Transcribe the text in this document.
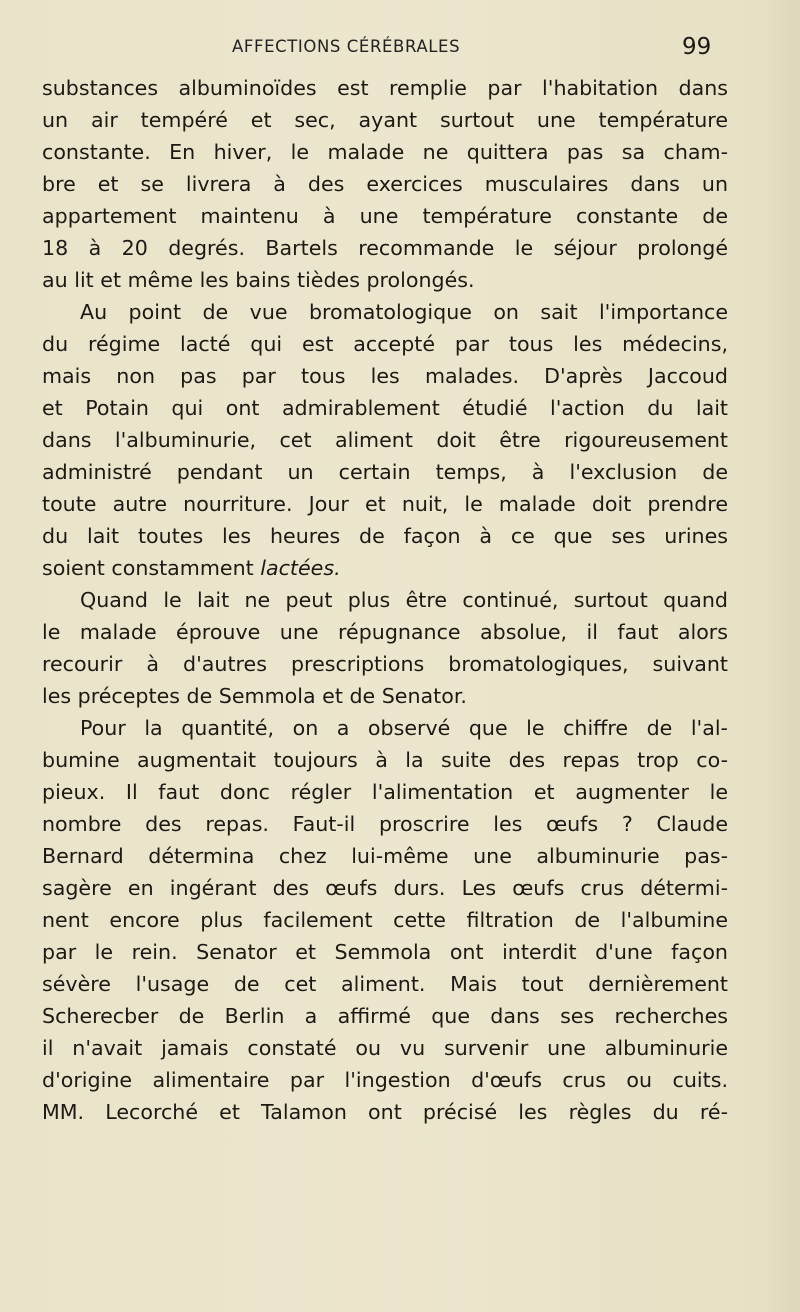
AFFECTIONS CÉRÉBRALES	99
substances albuminoïdes est remplie par l'habitation dans
un air tempéré et sec, ayant surtout une température
constante. En hiver, le malade ne quittera pas sa cham-
bre et se livrera à des exercices musculaires dans un
appartement maintenu à une température constante de
18 à 20 degrés. Bartels recommande le séjour prolongé
au lit et même les bains tièdes prolongés.
Au point de vue bromatologique on sait l'importance
du régime lacté qui est accepté par tous les médecins,
mais non pas par tous les malades. D'après Jaccoud
et Potain qui ont admirablement étudié l'action du lait
dans l'albuminurie, cet aliment doit être rigoureusement
administré pendant un certain temps, à l'exclusion de
toute autre nourriture. Jour et nuit, le malade doit prendre
du lait toutes les heures de façon à ce que ses urines
soient constamment lactées.
Quand le lait ne peut plus être continué, surtout quand
le malade éprouve une répugnance absolue, il faut alors
recourir à d'autres prescriptions bromatologiques, suivant
les préceptes de Semmola et de Senator.
Pour la quantité, on a observé que le chiffre de l'al-
bumine augmentait toujours à la suite des repas trop co-
pieux. Il faut donc régler l'alimentation et augmenter le
nombre des repas. Faut-il proscrire les œufs ? Claude
Bernard détermina chez lui-même une albuminurie pas-
sagère en ingérant des œufs durs. Les œufs crus détermi-
nent encore plus facilement cette filtration de l'albumine
par le rein. Senator et Semmola ont interdit d'une façon
sévère l'usage de cet aliment. Mais tout dernièrement
Scherecber de Berlin a affirmé que dans ses recherches
il n'avait jamais constaté ou vu survenir une albuminurie
d'origine alimentaire par l'ingestion d'œufs crus ou cuits.
MM. Lecorché et Talamon ont précisé les règles du ré-
